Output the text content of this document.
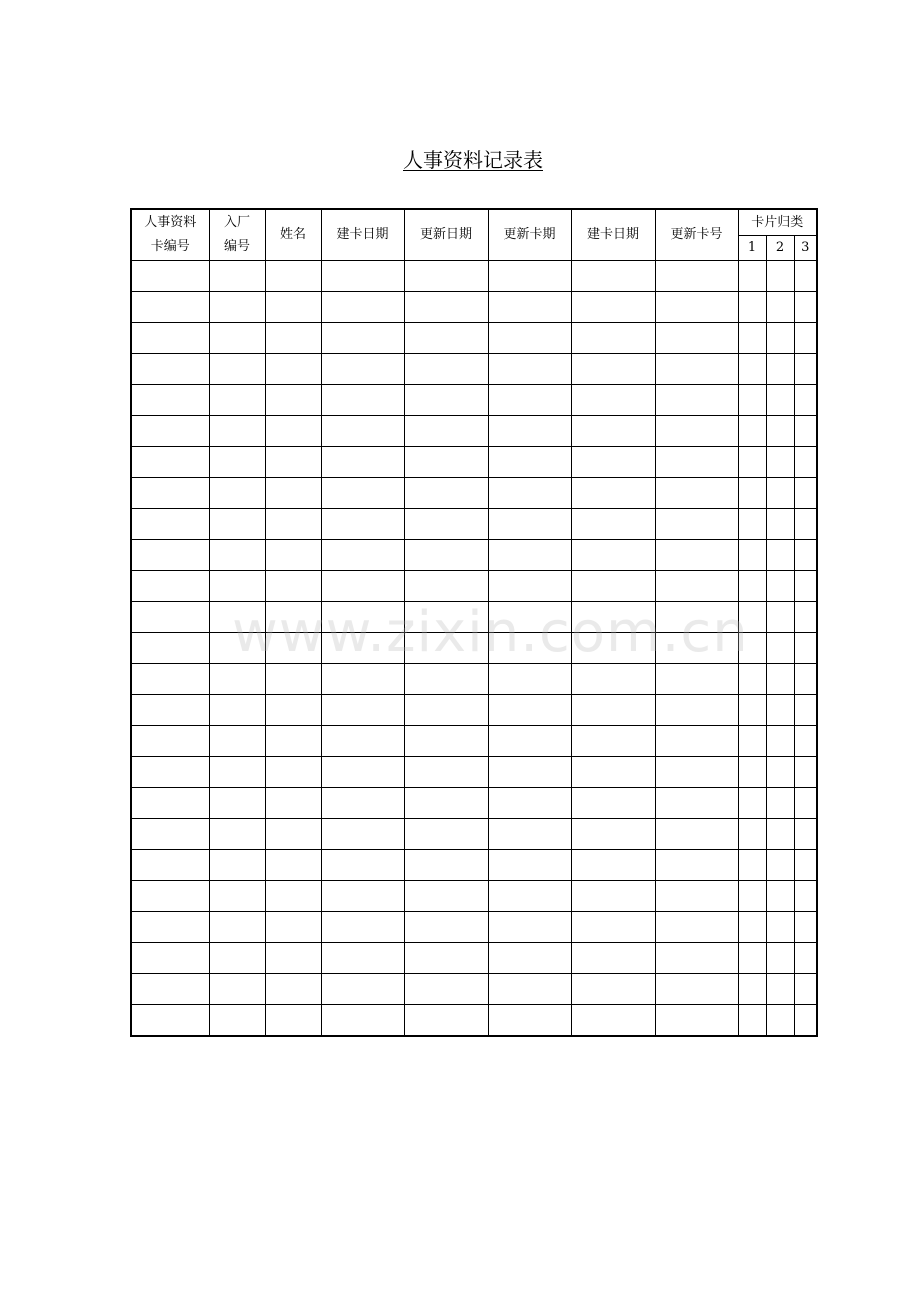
人事资料记录表
人事资料卡编号	入厂编号	姓名	建卡日期	更新日期	更新卡期	建卡日期	更新卡号	卡片归类		
								1	2	3

www.zixin.com.cn
